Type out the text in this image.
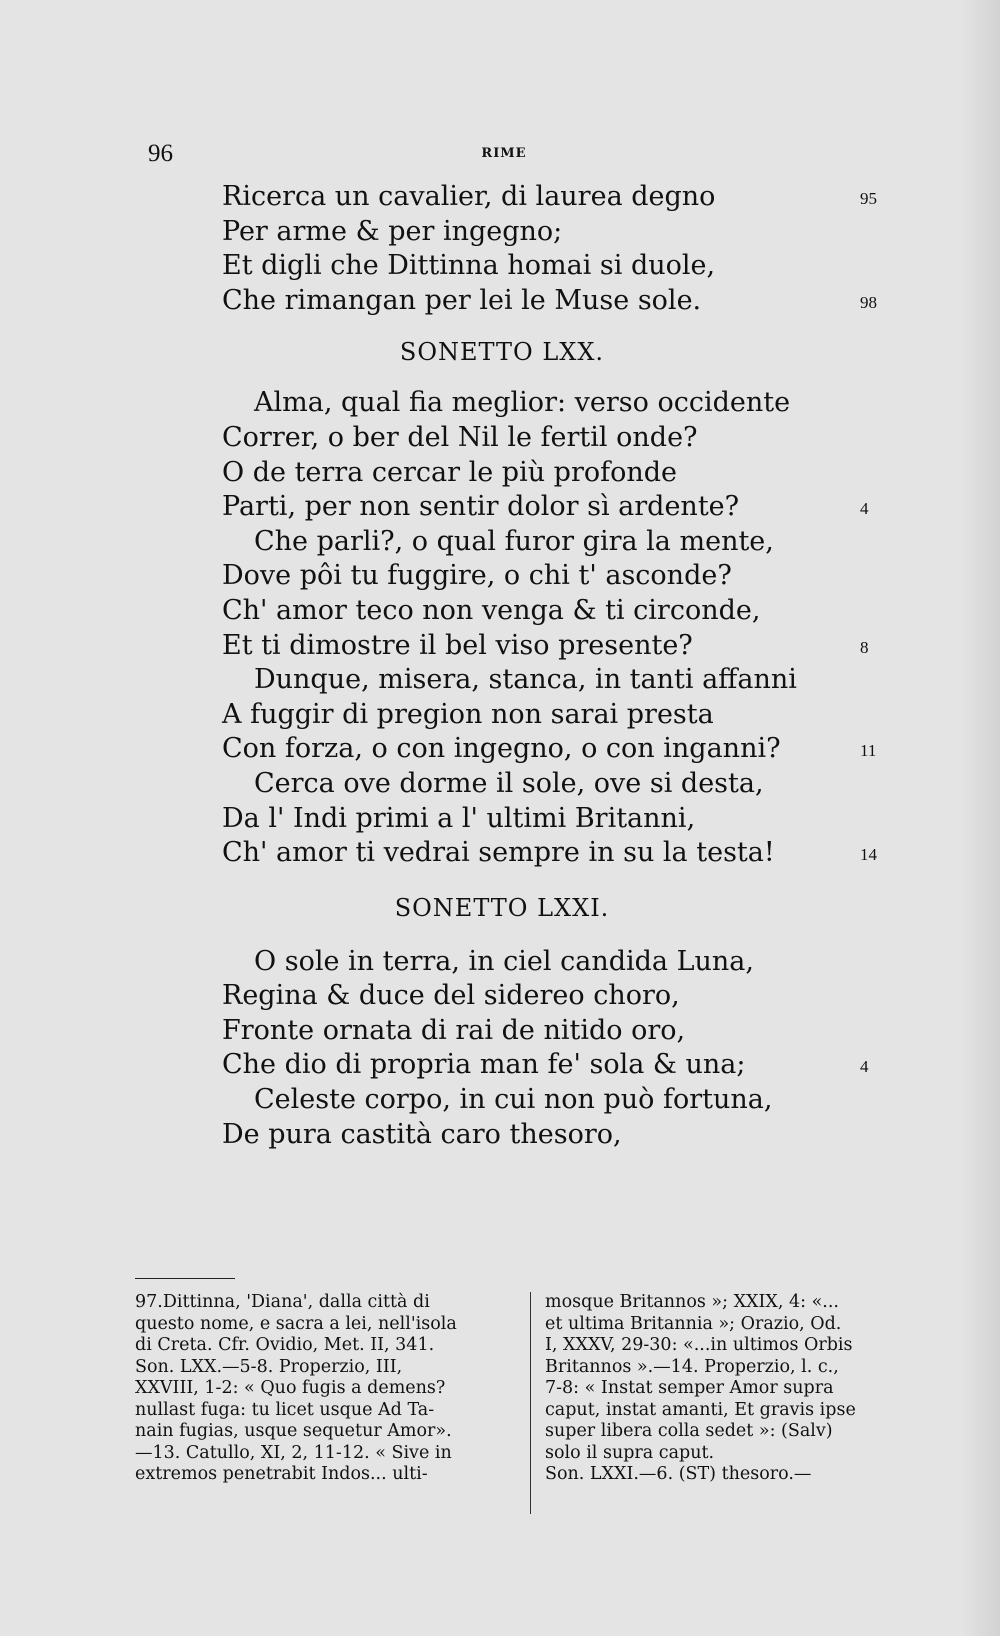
96	RIME
Ricerca un cavalier, di laurea degno	95
Per arme & per ingegno;
Et digli che Dittinna homai si duole,
Che rimangan per lei le Muse sole.	98
SONETTO LXX.
Alma, qual fia meglior: verso occidente
Correr, o ber del Nil le fertil onde?
O de terra cercar le più profonde
Parti, per non sentir dolor sì ardente?	4
Che parli?, o qual furor gira la mente,
Dove pôi tu fuggire, o chi t' asconde?
Ch' amor teco non venga & ti circonde,
Et ti dimostre il bel viso presente?	8
Dunque, misera, stanca, in tanti affanni
A fuggir di pregion non sarai presta
Con forza, o con ingegno, o con inganni?	11
Cerca ove dorme il sole, ove si desta,
Da l' Indi primi a l' ultimi Britanni,
Ch' amor ti vedrai sempre in su la testa!	14
SONETTO LXXI.
O sole in terra, in ciel candida Luna,
Regina & duce del sidereo choro,
Fronte ornata di rai de nitido oro,
Che dio di propria man fe' sola & una;	4
Celeste corpo, in cui non può fortuna,
De pura castità caro thesoro,
97.Dittinna, 'Diana', dalla città di
questo nome, e sacra a lei, nell'isola
di Creta. Cfr. Ovidio, Met. II, 341.
Son. LXX.—5-8. Properzio, III,
XXVIII, 1-2: « Quo fugis a demens?
nullast fuga: tu licet usque Ad Ta-
nain fugias, usque sequetur Amor».
—13. Catullo, XI, 2, 11-12. « Sive in
extremos penetrabit Indos... ulti-
mosque Britannos »; XXIX, 4: «...
et ultima Britannia »; Orazio, Od.
I, XXXV, 29-30: «...in ultimos Orbis
Britannos ».—14. Properzio, l. c.,
7-8: « Instat semper Amor supra
caput, instat amanti, Et gravis ipse
super libera colla sedet »: (Salv)
solo il supra caput.
Son. LXXI.—6. (ST) thesoro.—
